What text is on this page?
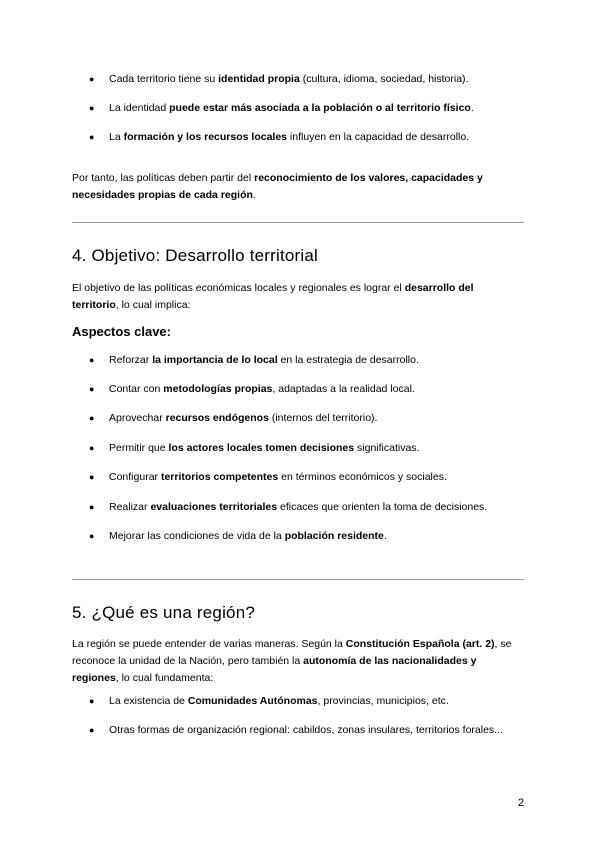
● Cada territorio tiene su identidad propia (cultura, idioma, sociedad, historia).
● La identidad puede estar más asociada a la población o al territorio físico.
● La formación y los recursos locales influyen en la capacidad de desarrollo.

Por tanto, las políticas deben partir del reconocimiento de los valores, capacidades y necesidades propias de cada región.

4. Objetivo: Desarrollo territorial

El objetivo de las políticas económicas locales y regionales es lograr el desarrollo del territorio, lo cual implica:

Aspectos clave:
● Reforzar la importancia de lo local en la estrategia de desarrollo.
● Contar con metodologías propias, adaptadas a la realidad local.
● Aprovechar recursos endógenos (internos del territorio).
● Permitir que los actores locales tomen decisiones significativas.
● Configurar territorios competentes en términos económicos y sociales.
● Realizar evaluaciones territoriales eficaces que orienten la toma de decisiones.
● Mejorar las condiciones de vida de la población residente.
5. ¿Qué es una región?

La región se puede entender de varias maneras. Según la Constitución Española (art. 2), se reconoce la unidad de la Nación, pero también la autonomía de las nacionalidades y regiones, lo cual fundamenta:

● La existencia de Comunidades Autónomas, provincias, municipios, etc.
● Otras formas de organización regional: cabildos, zonas insulares, territorios forales...
2
